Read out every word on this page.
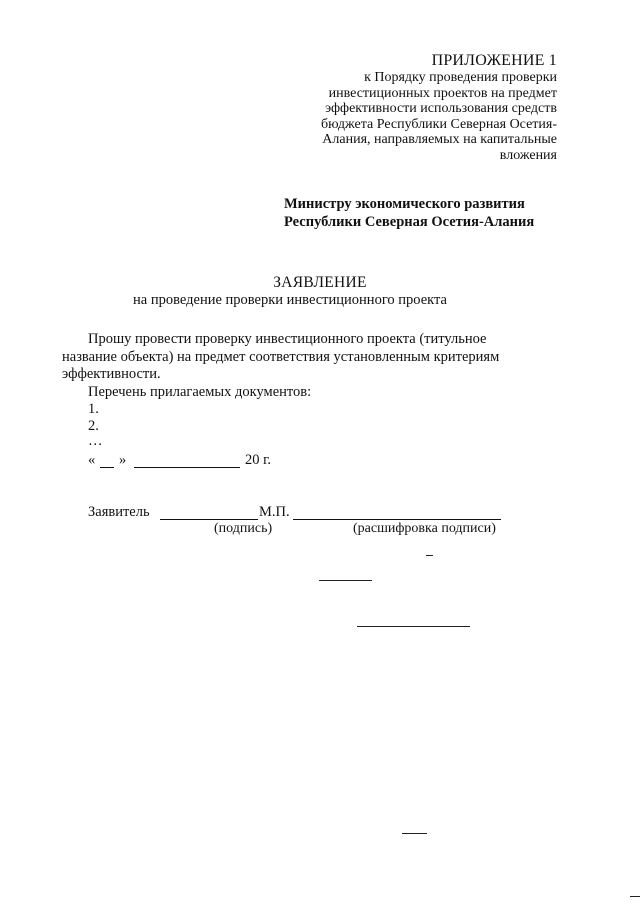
ПРИЛОЖЕНИЕ 1
к Порядку проведения проверки
инвестиционных проектов на предмет
эффективности использования средств
бюджета Республики Северная Осетия-
Алания, направляемых на капитальные
вложения
Министру экономического развития
Республики Северная Осетия-Алания
ЗАЯВЛЕНИЕ
на проведение проверки инвестиционного проекта
Прошу провести проверку инвестиционного проекта (титульное название объекта) на предмет соответствия установленным критериям эффективности.
Перечень прилагаемых документов:
1.
2.
…
« »	20 г.
Заявитель	М.П.
(подпись)	(расшифровка подписи)
